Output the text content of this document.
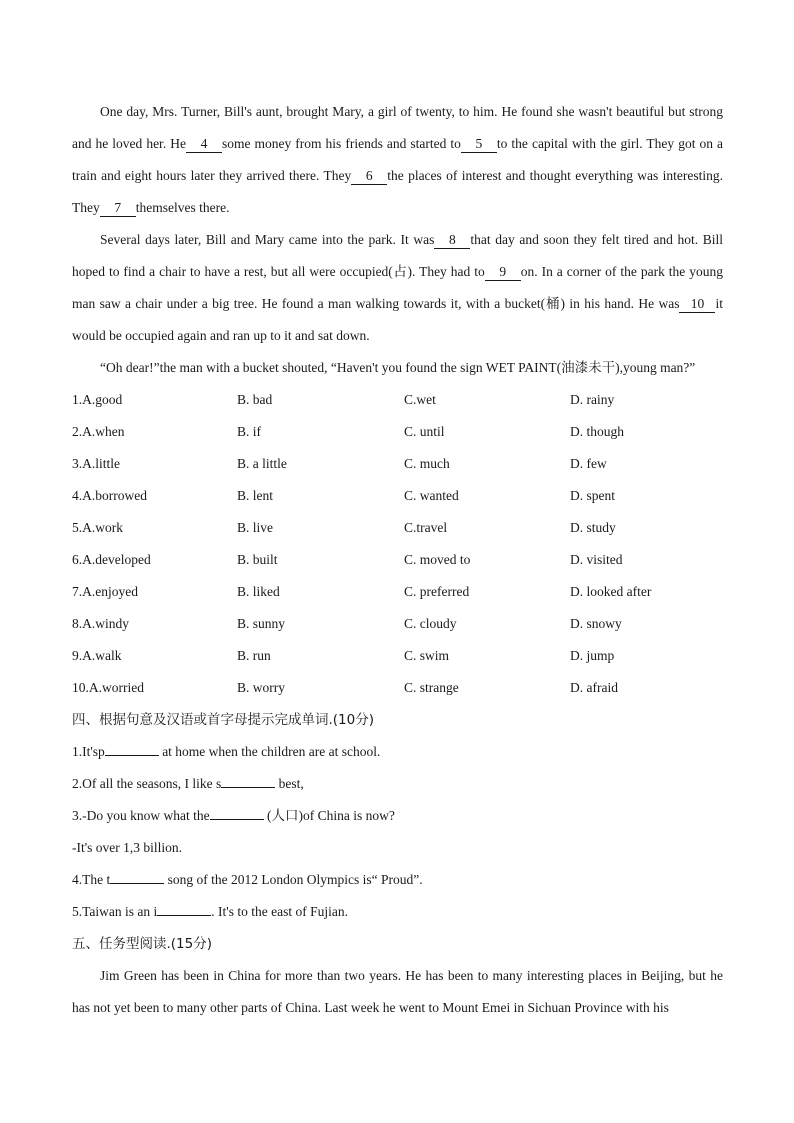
One day, Mrs. Turner, Bill's aunt, brought Mary, a girl of twenty, to him. He found she wasn't beautiful but strong and he loved her. He 4 some money from his friends and started to 5 to the capital with the girl. They got on a train and eight hours later they arrived there. They 6 the places of interest and thought everything was interesting. They 7 themselves there.

Several days later, Bill and Mary came into the park. It was 8 that day and soon they felt tired and hot. Bill hoped to find a chair to have a rest, but all were occupied(占). They had to 9 on. In a corner of the park the young man saw a chair under a big tree. He found a man walking towards it, with a bucket(桶) in his hand. He was 10 it would be occupied again and ran up to it and sat down.

“Oh dear!”the man with a bucket shouted, “Haven't you found the sign WET PAINT(油漆未干),young man?”

1.A.good	B. bad	C.wet	D. rainy
2.A.when	B. if	C. until	D. though
3.A.little	B. a little	C. much	D. few
4.A.borrowed	B. lent	C. wanted	D. spent
5.A.work	B. live	C.travel	D. study
6.A.developed	B. built	C. moved to	D. visited
7.A.enjoyed	B. liked	C. preferred	D. looked after
8.A.windy	B. sunny	C. cloudy	D. snowy
9.A.walk	B. run	C. swim	D. jump
10.A.worried	B. worry	C. strange	D. afraid
四、根据句意及汉语或首字母提示完成单词.(10分)
1.It'sp	at home when the children are at school.
2.Of all the seasons, I like s	best,
3.-Do you know what the	(人口)of China is now?
-It's over 1,3 billion.
4.The t	song of the 2012 London Olympics is“ Proud”.
5.Taiwan is an i	. It's to the east of Fujian.
五、任务型阅读.(15分)

Jim Green has been in China for more than two years. He has been to many interesting places in Beijing, but he has not yet been to many other parts of China. Last week he went to Mount Emei in Sichuan Province with his
